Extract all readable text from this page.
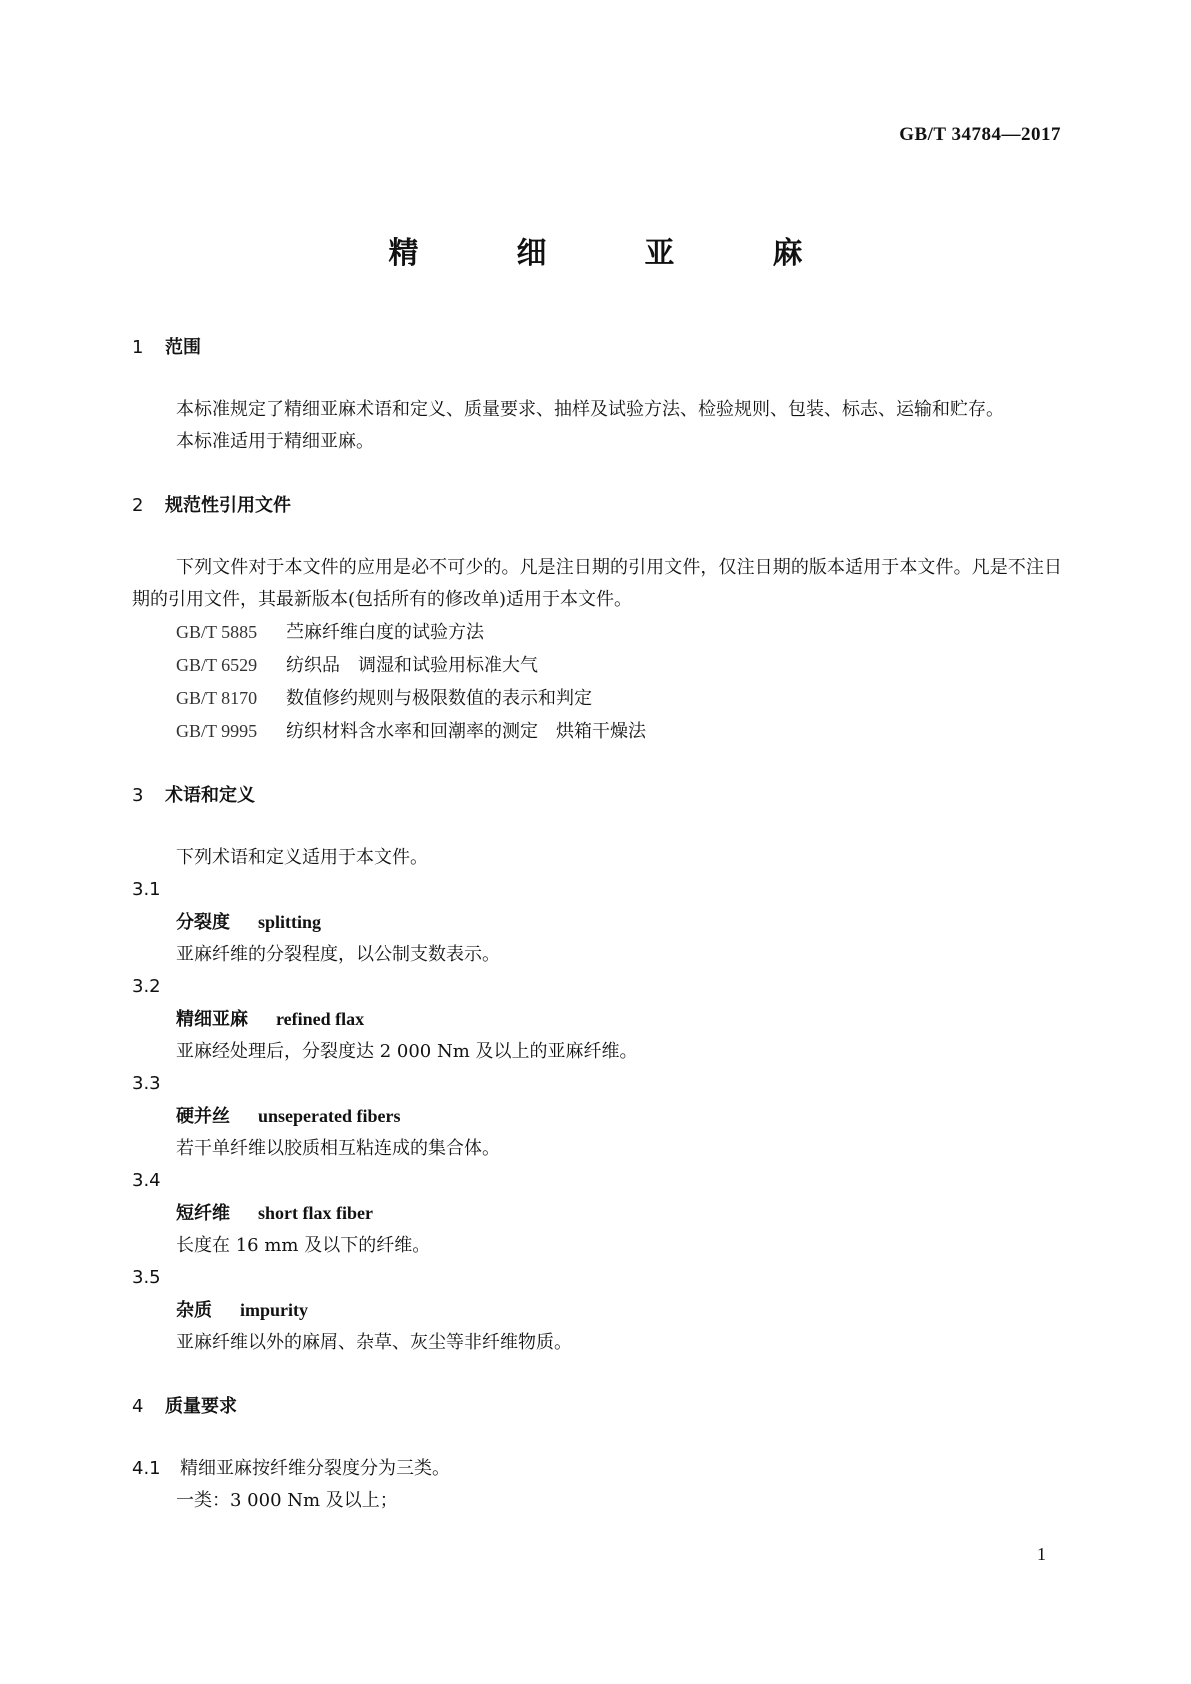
GB/T 34784—2017
精　细　亚　麻
1 范围

本标准规定了精细亚麻术语和定义、质量要求、抽样及试验方法、检验规则、包装、标志、运输和贮存。

本标准适用于精细亚麻。

2 规范性引用文件

下列文件对于本文件的应用是必不可少的。凡是注日期的引用文件，仅注日期的版本适用于本文件。凡是不注日期的引用文件，其最新版本(包括所有的修改单)适用于本文件。

GB/T 5885 苎麻纤维白度的试验方法

GB/T 6529 纺织品　调湿和试验用标准大气

GB/T 8170 数值修约规则与极限数值的表示和判定

GB/T 9995 纺织材料含水率和回潮率的测定　烘箱干燥法

3 术语和定义

下列术语和定义适用于本文件。

3.1

分裂度 splitting

亚麻纤维的分裂程度，以公制支数表示。

3.2

精细亚麻 refined flax

亚麻经处理后，分裂度达 2 000 Nm 及以上的亚麻纤维。

3.3

硬并丝 unseperated fibers

若干单纤维以胶质相互粘连成的集合体。

3.4

短纤维 short flax fiber

长度在 16 mm 及以下的纤维。

3.5

杂质 impurity

亚麻纤维以外的麻屑、杂草、灰尘等非纤维物质。

4 质量要求

4.1 精细亚麻按纤维分裂度分为三类。

一类：3 000 Nm 及以上；

1
